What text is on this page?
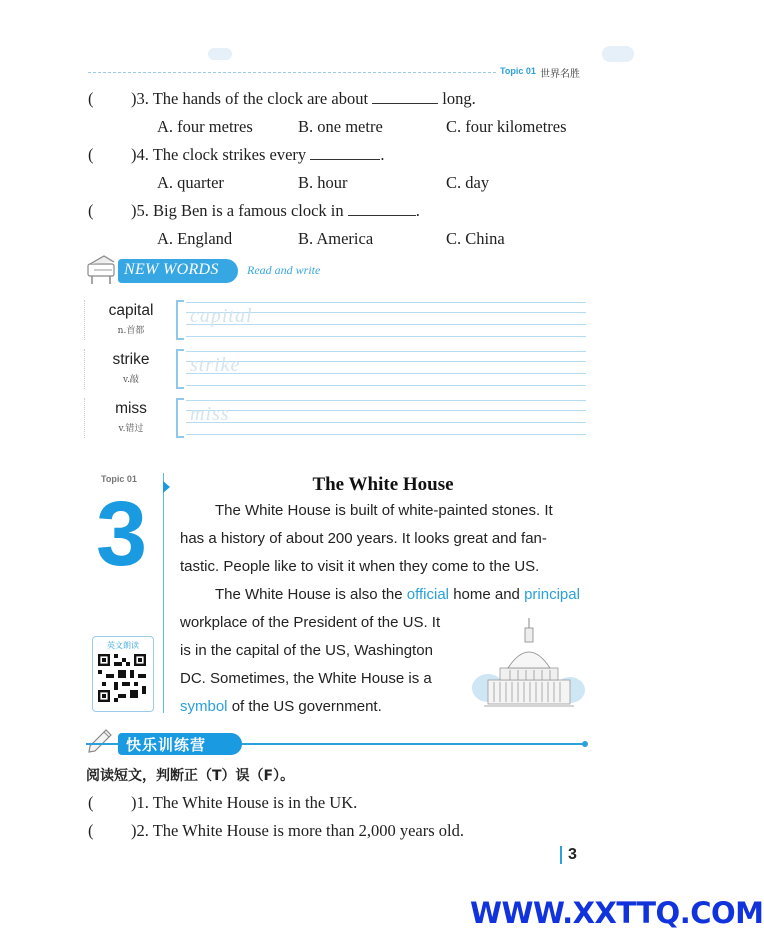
Topic 01 世界名胜
( )3. The hands of the clock are about	long.
A. four metres	B. one metre	C. four kilometres
( )4. The clock strikes every	.
A. quarter	B. hour	C. day
( )5. Big Ben is a famous clock in	.
A. England	B. America	C. China
NEW WORDS Read and write
capital
n.首都
capital
strike
v.敲
strike
miss
v.错过
miss
Topic 01
3	The White House
The White House is built of white-painted stones. It
has a history of about 200 years. It looks great and fan-
tastic. People like to visit it when they come to the US.
The White House is also the official home and principal
workplace of the President of the US. It
is in the capital of the US, Washington
DC. Sometimes, the White House is a
symbol of the US government.
英文朗读
快乐训练营
阅读短文，判断正（T）误（F）。
( )1. The White House is in the UK.
( )2. The White House is more than 2,000 years old.
3
WWW.XXTTQ.COM
